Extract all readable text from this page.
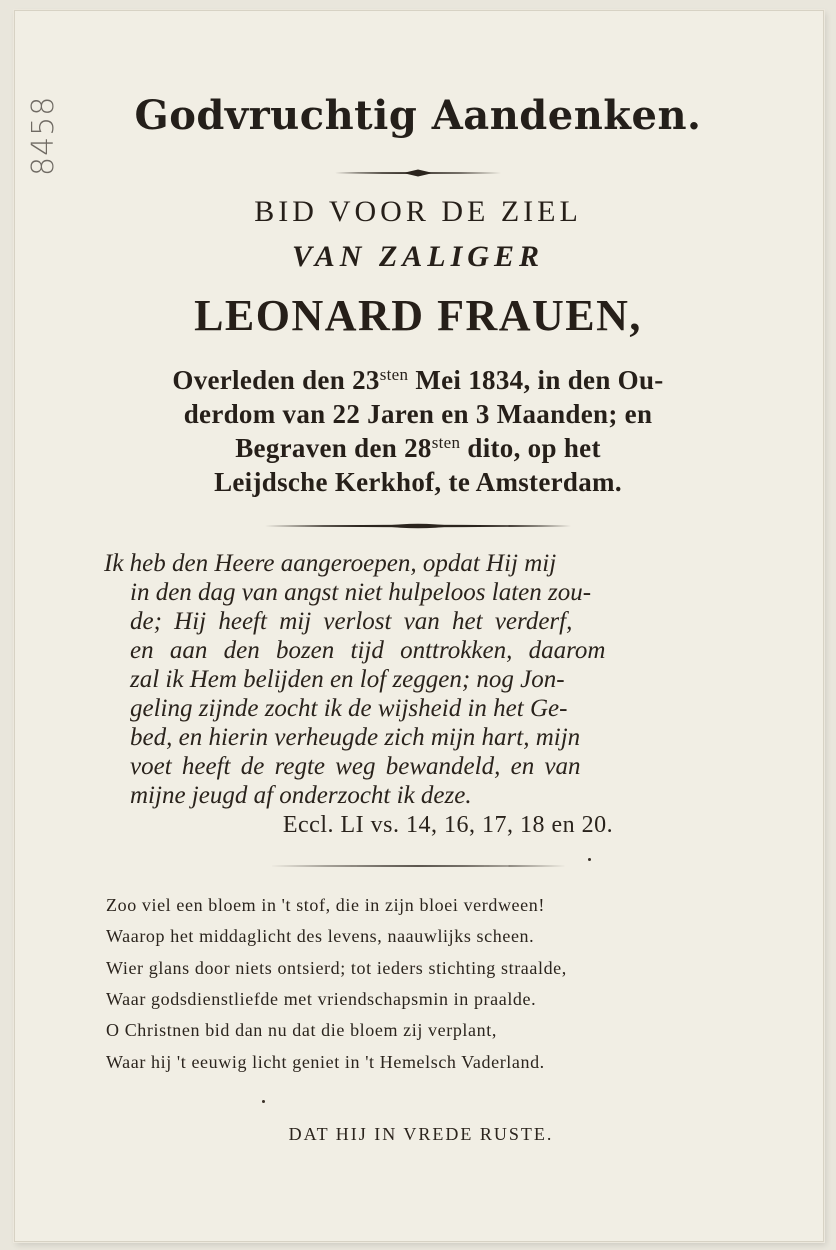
8458	Godvruchtig Aandenken.
BID VOOR DE ZIEL
VAN ZALIGER
LEONARD FRAUEN,
Overleden den $23^{sten}$ Mei 1834, in den Ou-
derdom van 22 Jaren en 3 Maanden; en
Begraven den $28^{sten}$ dito, op het
Leijdsche Kerkhof, te Amsterdam.
Ik heb den Heere aangeroepen, opdat Hij mij
in den dag van angst niet hulpeloos laten zou-
de; Hij heeft mij verlost van het verderf,
en aan den bozen tijd onttrokken, daarom
zal ik Hem belijden en lof zeggen; nog Jon-
geling zijnde zocht ik de wijsheid in het Ge-
bed, en hierin verheugde zich mijn hart, mijn
voet heeft de regte weg bewandeld, en van
mijne jeugd af onderzocht ik deze.
Eccl. LI vs. 14, 16, 17, 18 en 20.
Zoo viel een bloem in 't stof, die in zijn bloei verdween!
Waarop het middaglicht des levens, naauwlijks scheen.
Wier glans door niets ontsierd; tot ieders stichting straalde,
Waar godsdienstliefde met vriendschapsmin in praalde.
O Christnen bid dan nu dat die bloem zij verplant,
Waar hij 't eeuwig licht geniet in 't Hemelsch Vaderland.
DAT HIJ IN VREDE RUSTE.
